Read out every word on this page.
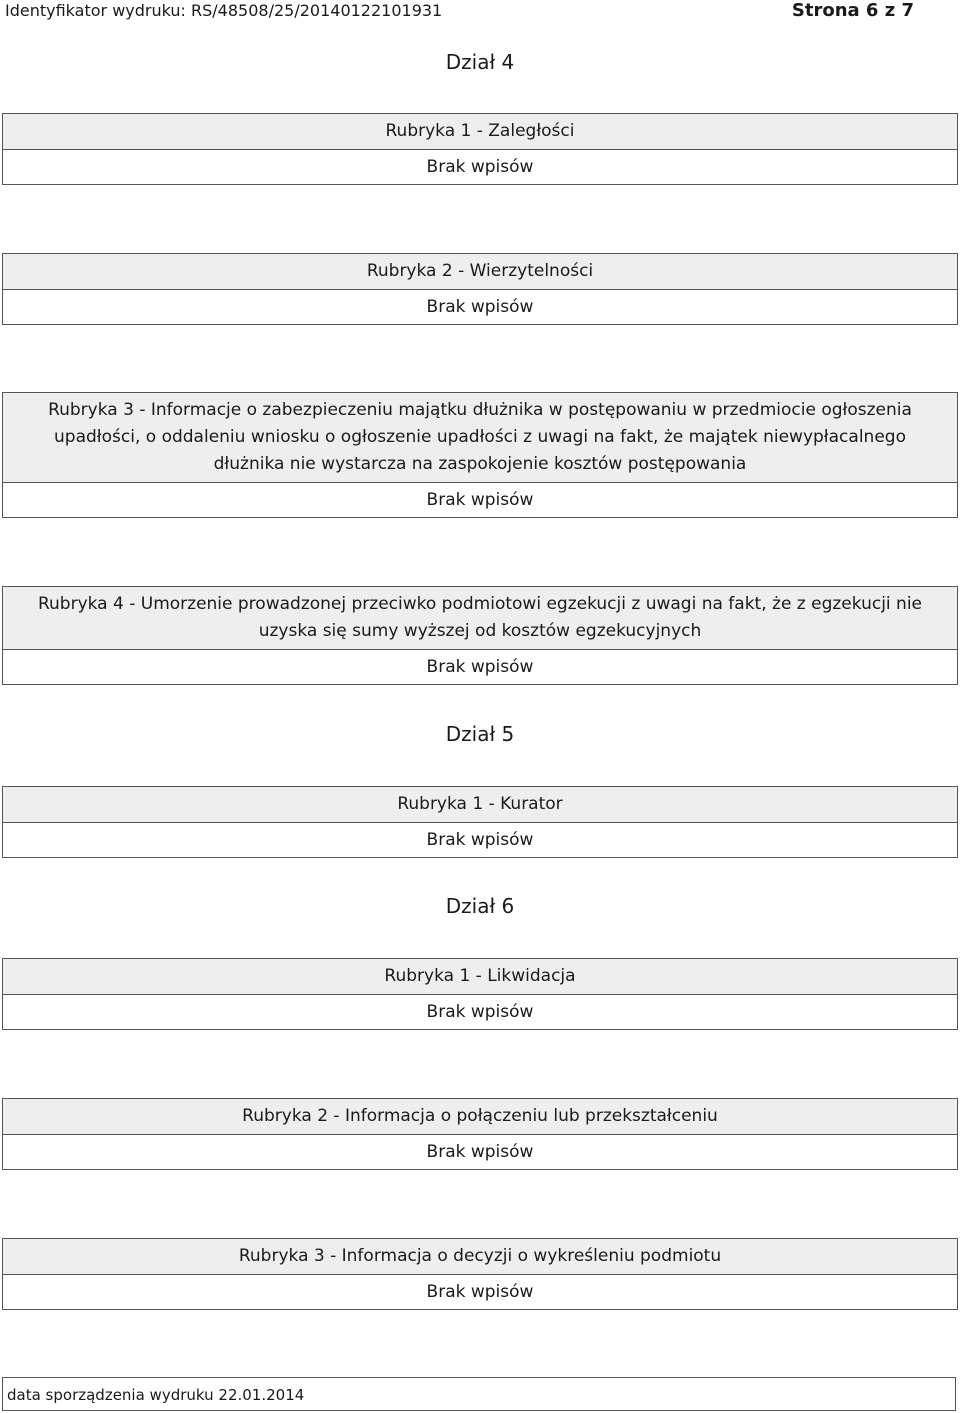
Identyfikator wydruku: RS/48508/25/20140122101931	Strona 6 z 7
Dział 4
Rubryka 1 - Zaległości
Brak wpisów
Rubryka 2 - Wierzytelności
Brak wpisów
Rubryka 3 - Informacje o zabezpieczeniu majątku dłużnika w postępowaniu w przedmiocie ogłoszenia upadłości, o oddaleniu wniosku o ogłoszenie upadłości z uwagi na fakt, że majątek niewypłacalnego dłużnika nie wystarcza na zaspokojenie kosztów postępowania
Brak wpisów
Rubryka 4 - Umorzenie prowadzonej przeciwko podmiotowi egzekucji z uwagi na fakt, że z egzekucji nie uzyska się sumy wyższej od kosztów egzekucyjnych
Brak wpisów
Dział 5
Rubryka 1 - Kurator
Brak wpisów
Dział 6
Rubryka 1 - Likwidacja
Brak wpisów
Rubryka 2 - Informacja o połączeniu lub przekształceniu
Brak wpisów
Rubryka 3 - Informacja o decyzji o wykreśleniu podmiotu
Brak wpisów
data sporządzenia wydruku 22.01.2014
